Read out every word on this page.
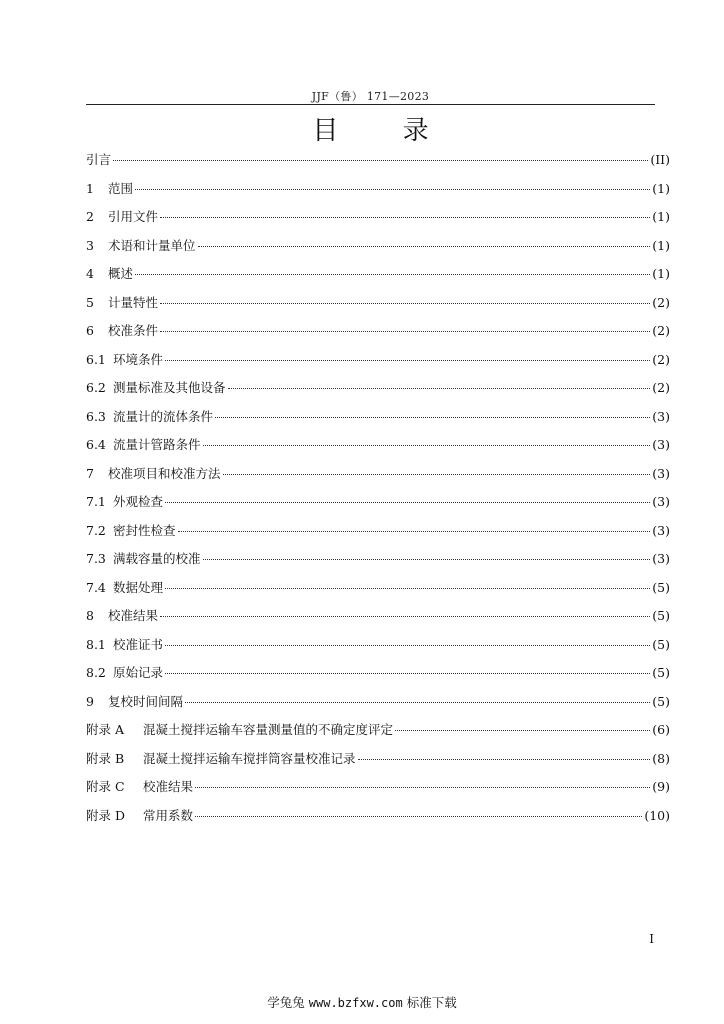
JJF（鲁） 171—2023
目 录
引言	(II)
1	范围	(1)
2	引用文件	(1)
3	术语和计量单位	(1)
4	概述	(1)
5	计量特性	(2)
6	校准条件	(2)
6.1 环境条件	(2)
6.2 测量标准及其他设备	(2)
6.3 流量计的流体条件	(3)
6.4 流量计管路条件	(3)
7	校准项目和校准方法	(3)
7.1 外观检查	(3)
7.2 密封性检查	(3)
7.3 满载容量的校准	(3)
7.4 数据处理	(5)
8	校准结果	(5)
8.1 校准证书	(5)
8.2 原始记录	(5)
9	复校时间间隔	(5)
附录 A	混凝土搅拌运输车容量测量值的不确定度评定	(6)
附录 B	混凝土搅拌运输车搅拌筒容量校准记录	(8)
附录 C	校准结果	(9)
附录 D	常用系数	(10)
I
学兔兔 www.bzfxw.com 标准下载
